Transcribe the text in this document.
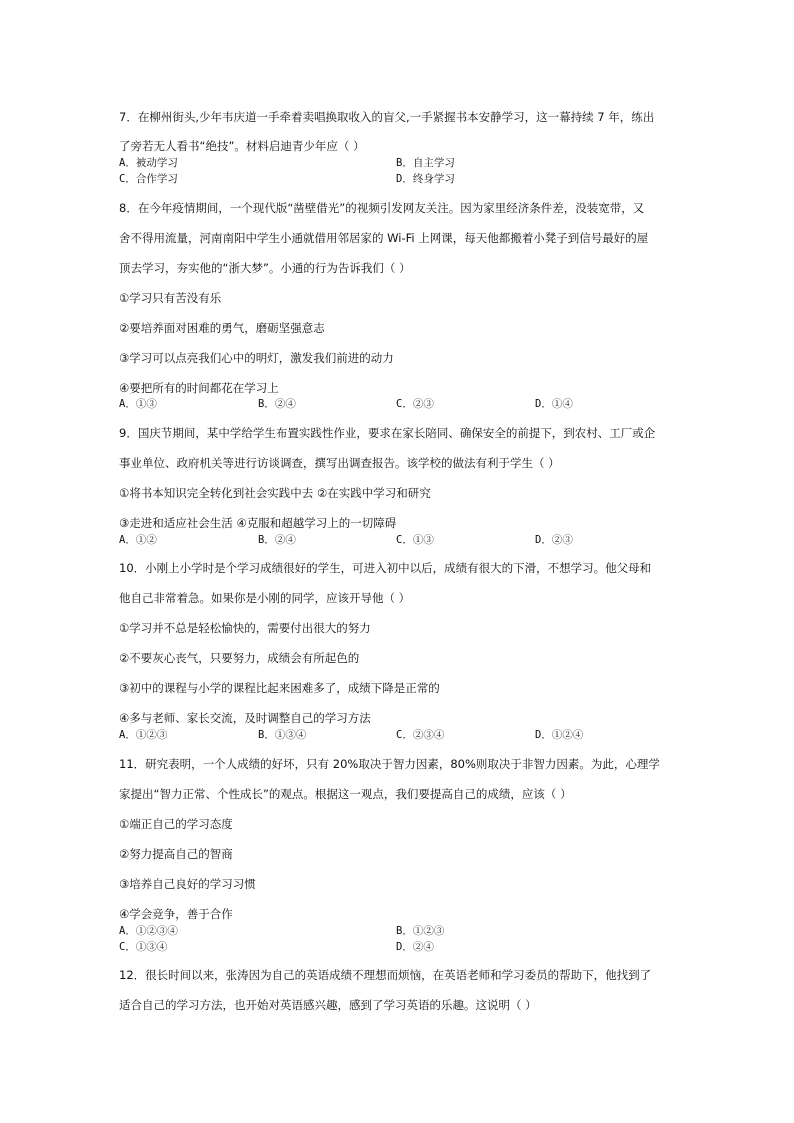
7．在柳州街头,少年韦庆道一手牵着卖唱换取收入的盲父,一手紧握书本安静学习，这一幕持续 7 年，练出
了旁若无人看书“绝技”。材料启迪青少年应（ ）
A．被动学习	B．自主学习
C．合作学习	D．终身学习
8．在今年疫情期间，一个现代版“凿壁借光”的视频引发网友关注。因为家里经济条件差，没装宽带，又
舍不得用流量，河南南阳中学生小通就借用邻居家的 Wi-Fi 上网课，每天他都搬着小凳子到信号最好的屋
顶去学习，夯实他的“浙大梦”。小通的行为告诉我们（ ）
①学习只有苦没有乐
②要培养面对困难的勇气，磨砺坚强意志
③学习可以点亮我们心中的明灯，激发我们前进的动力
④要把所有的时间都花在学习上
A．①③	B．②④	C．②③	D．①④
9．国庆节期间，某中学给学生布置实践性作业，要求在家长陪同、确保安全的前提下，到农村、工厂或企
事业单位、政府机关等进行访谈调查，撰写出调查报告。该学校的做法有利于学生（ ）
①将书本知识完全转化到社会实践中去 ②在实践中学习和研究
③走进和适应社会生活 ④克服和超越学习上的一切障碍
A．①②	B．②④	C．①③	D．②③
10．小刚上小学时是个学习成绩很好的学生，可进入初中以后，成绩有很大的下滑，不想学习。他父母和
他自己非常着急。如果你是小刚的同学，应该开导他（ ）
①学习并不总是轻松愉快的，需要付出很大的努力
②不要灰心丧气，只要努力，成绩会有所起色的
③初中的课程与小学的课程比起来困难多了，成绩下降是正常的
④多与老师、家长交流，及时调整自己的学习方法
A．①②③	B．①③④	C．②③④	D．①②④
11．研究表明，一个人成绩的好坏，只有 20%取决于智力因素，80%则取决于非智力因素。为此，心理学
家提出“智力正常、个性成长”的观点。根据这一观点，我们要提高自己的成绩，应该（ ）
①端正自己的学习态度
②努力提高自己的智商
③培养自己良好的学习习惯
④学会竞争，善于合作
A．①②③④	B．①②③
C．①③④	D．②④
12．很长时间以来，张涛因为自己的英语成绩不理想而烦恼，在英语老师和学习委员的帮助下，他找到了
适合自己的学习方法，也开始对英语感兴趣，感到了学习英语的乐趣。这说明（ ）
